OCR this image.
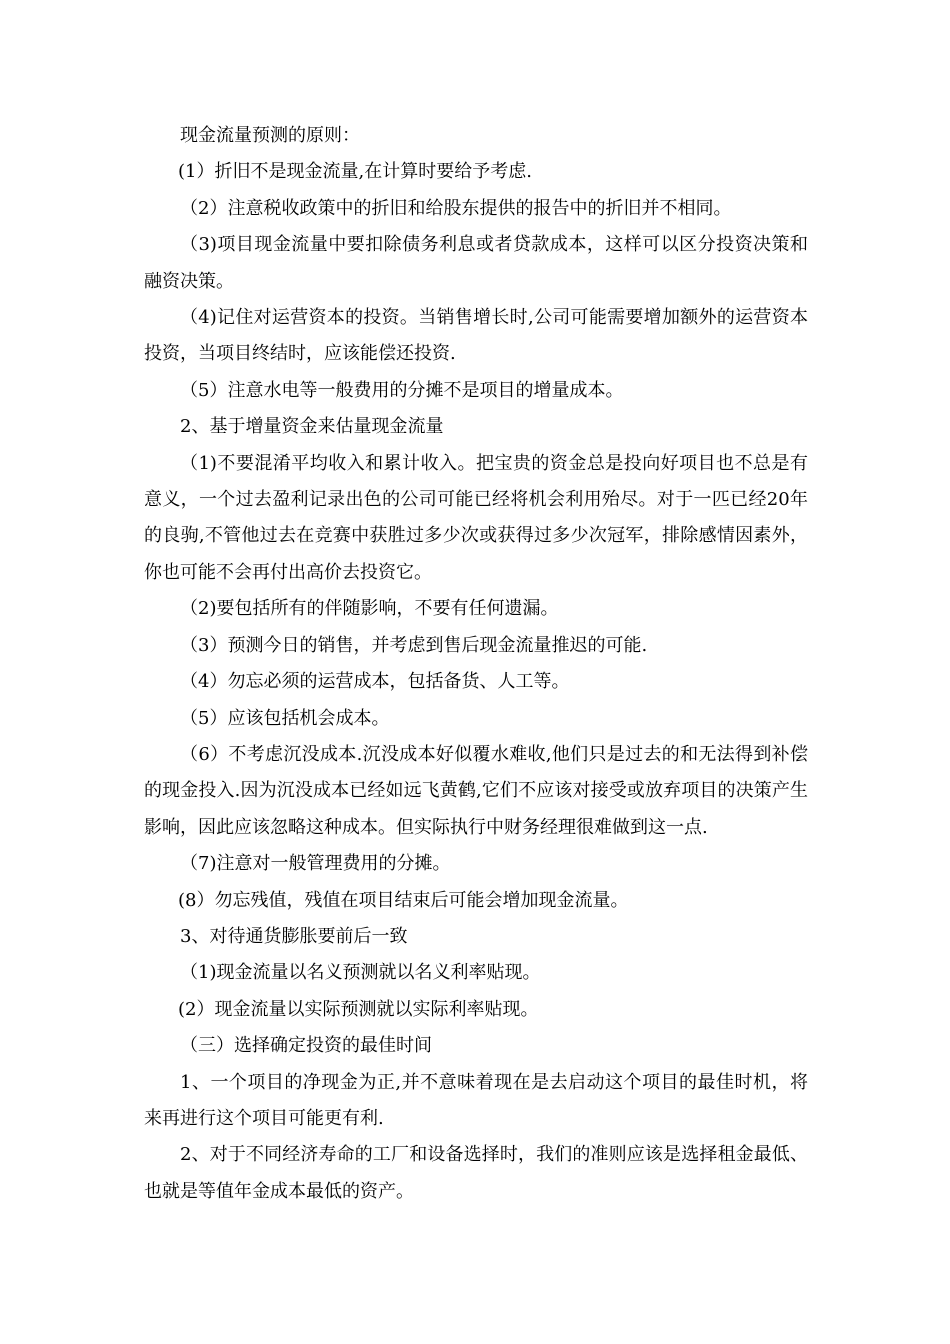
现金流量预测的原则：

(1）折旧不是现金流量,在计算时要给予考虑.

（2）注意税收政策中的折旧和给股东提供的报告中的折旧并不相同。

（3)项目现金流量中要扣除债务利息或者贷款成本，这样可以区分投资决策和融资决策。

（4)记住对运营资本的投资。当销售增长时,公司可能需要增加额外的运营资本投资，当项目终结时，应该能偿还投资.

（5）注意水电等一般费用的分摊不是项目的增量成本。

2、基于增量资金来估量现金流量

（1)不要混淆平均收入和累计收入。把宝贵的资金总是投向好项目也不总是有意义，一个过去盈利记录出色的公司可能已经将机会利用殆尽。对于一匹已经20年的良驹,不管他过去在竞赛中获胜过多少次或获得过多少次冠军，排除感情因素外，你也可能不会再付出高价去投资它。

（2)要包括所有的伴随影响，不要有任何遗漏。

（3）预测今日的销售，并考虑到售后现金流量推迟的可能.

（4）勿忘必须的运营成本，包括备货、人工等。

（5）应该包括机会成本。

（6）不考虑沉没成本.沉没成本好似覆水难收,他们只是过去的和无法得到补偿的现金投入.因为沉没成本已经如远飞黄鹤,它们不应该对接受或放弃项目的决策产生影响，因此应该忽略这种成本。但实际执行中财务经理很难做到这一点.

（7)注意对一般管理费用的分摊。

(8）勿忘残值，残值在项目结束后可能会增加现金流量。

3、对待通货膨胀要前后一致

（1)现金流量以名义预测就以名义利率贴现。

(2）现金流量以实际预测就以实际利率贴现。

（三）选择确定投资的最佳时间

1、一个项目的净现金为正,并不意味着现在是去启动这个项目的最佳时机，将来再进行这个项目可能更有利.

2、对于不同经济寿命的工厂和设备选择时，我们的准则应该是选择租金最低、也就是等值年金成本最低的资产。
